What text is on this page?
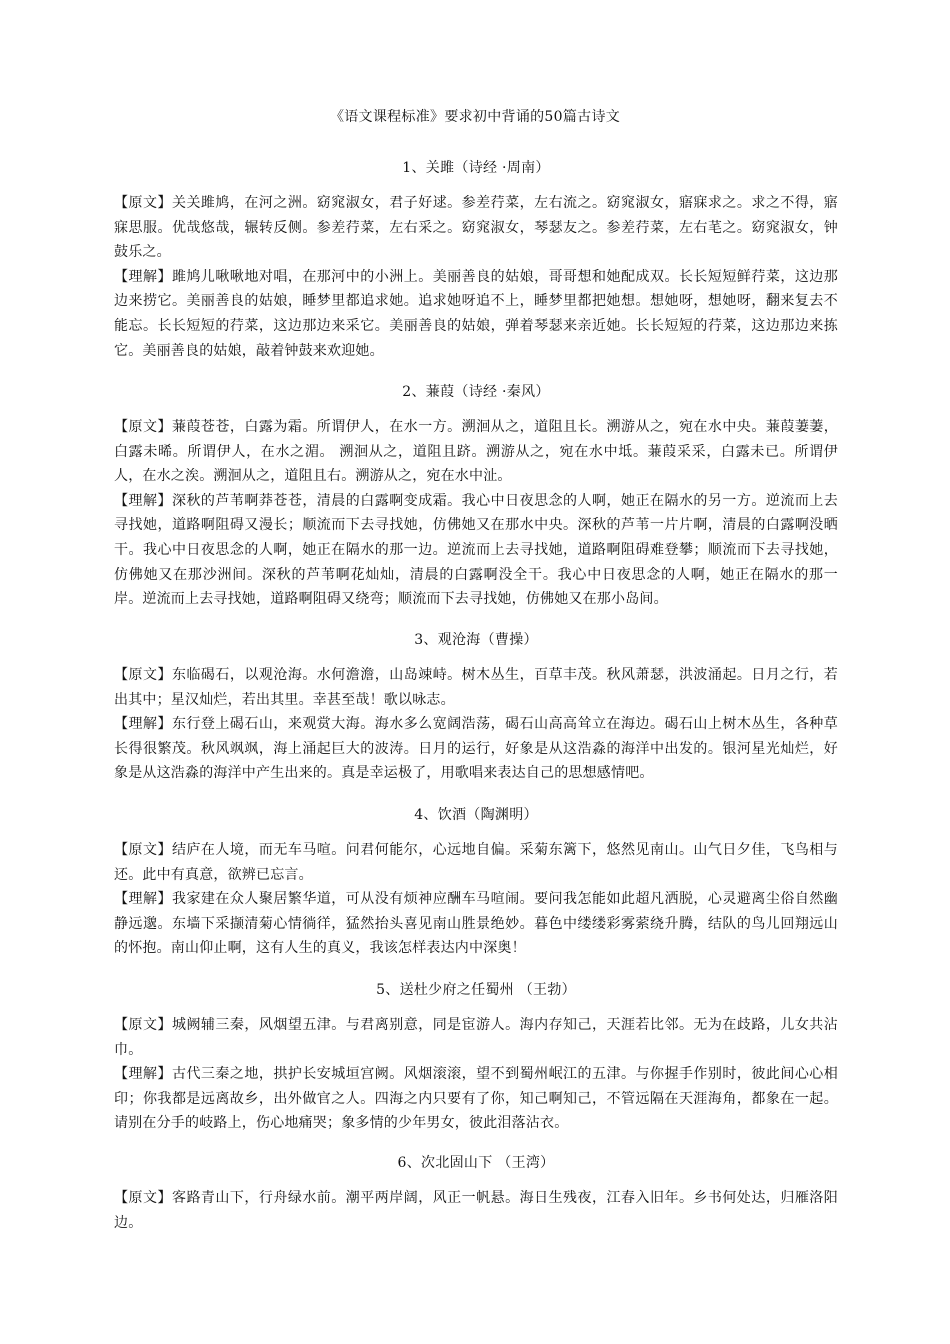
《语文课程标准》要求初中背诵的50篇古诗文
1、关雎（诗经 ·周南）

【原文】关关雎鸠，在河之洲。窈窕淑女，君子好逑。参差荇菜，左右流之。窈窕淑女，寤寐求之。求之不得，寤寐思服。优哉悠哉，辗转反侧。参差荇菜，左右采之。窈窕淑女，琴瑟友之。参差荇菜，左右芼之。窈窕淑女，钟鼓乐之。

【理解】雎鸠儿啾啾地对唱，在那河中的小洲上。美丽善良的姑娘，哥哥想和她配成双。长长短短鲜荇菜，这边那边来捞它。美丽善良的姑娘，睡梦里都追求她。追求她呀追不上，睡梦里都把她想。想她呀，想她呀，翻来复去不能忘。长长短短的荇菜，这边那边来采它。美丽善良的姑娘，弹着琴瑟来亲近她。长长短短的荇菜，这边那边来拣它。美丽善良的姑娘，敲着钟鼓来欢迎她。

2、蒹葭（诗经 ·秦风）

【原文】蒹葭苍苍，白露为霜。所谓伊人，在水一方。溯洄从之，道阻且长。溯游从之，宛在水中央。蒹葭萋萋，白露未晞。所谓伊人，在水之湄。 溯洄从之，道阻且跻。溯游从之，宛在水中坻。蒹葭采采，白露未已。所谓伊人，在水之涘。溯洄从之，道阻且右。溯游从之，宛在水中沚。

【理解】深秋的芦苇啊莽苍苍，清晨的白露啊变成霜。我心中日夜思念的人啊，她正在隔水的另一方。逆流而上去寻找她，道路啊阻碍又漫长；顺流而下去寻找她，仿佛她又在那水中央。深秋的芦苇一片片啊，清晨的白露啊没晒干。我心中日夜思念的人啊，她正在隔水的那一边。逆流而上去寻找她，道路啊阻碍难登攀；顺流而下去寻找她，仿佛她又在那沙洲间。深秋的芦苇啊花灿灿，清晨的白露啊没全干。我心中日夜思念的人啊，她正在隔水的那一岸。逆流而上去寻找她，道路啊阻碍又绕弯；顺流而下去寻找她，仿佛她又在那小岛间。

3、观沧海（曹操）

【原文】东临碣石，以观沧海。水何澹澹，山岛竦峙。树木丛生，百草丰茂。秋风萧瑟，洪波涌起。日月之行，若出其中；星汉灿烂，若出其里。幸甚至哉！歌以咏志。

【理解】东行登上碣石山，来观赏大海。海水多么宽阔浩荡，碣石山高高耸立在海边。碣石山上树木丛生，各种草长得很繁茂。秋风飒飒，海上涌起巨大的波涛。日月的运行，好象是从这浩淼的海洋中出发的。银河星光灿烂，好象是从这浩淼的海洋中产生出来的。真是幸运极了，用歌唱来表达自己的思想感情吧。

4、饮酒（陶渊明）

【原文】结庐在人境，而无车马喧。问君何能尔，心远地自偏。采菊东篱下，悠然见南山。山气日夕佳，飞鸟相与还。此中有真意，欲辨已忘言。

【理解】我家建在众人聚居繁华道，可从没有烦神应酬车马喧闹。要问我怎能如此超凡洒脱，心灵避离尘俗自然幽静远邈。东墙下采撷清菊心情徜徉，猛然抬头喜见南山胜景绝妙。暮色中缕缕彩雾萦绕升腾，结队的鸟儿回翔远山的怀抱。南山仰止啊，这有人生的真义，我该怎样表达内中深奥！

5、送杜少府之任蜀州 （王勃）

【原文】城阙辅三秦，风烟望五津。与君离别意，同是宦游人。海内存知己，天涯若比邻。无为在歧路，儿女共沾巾。

【理解】古代三秦之地，拱护长安城垣宫阙。风烟滚滚，望不到蜀州岷江的五津。与你握手作别时，彼此间心心相印；你我都是远离故乡，出外做官之人。四海之内只要有了你，知己啊知己，不管远隔在天涯海角，都象在一起。请别在分手的岐路上，伤心地痛哭；象多情的少年男女，彼此泪落沾衣。

6、次北固山下 （王湾）

【原文】客路青山下，行舟绿水前。潮平两岸阔，风正一帆悬。海日生残夜，江春入旧年。乡书何处达，归雁洛阳边。
